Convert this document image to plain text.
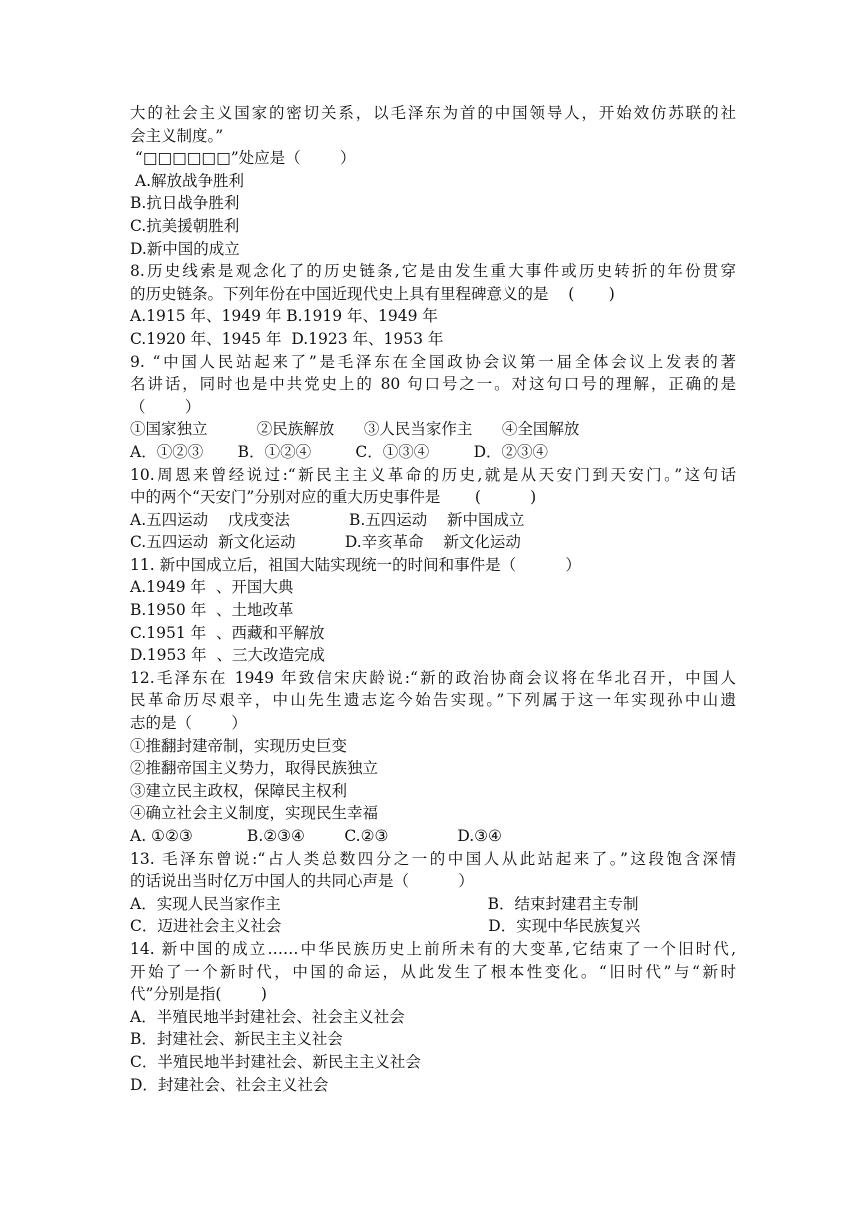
大的社会主义国家的密切关系，以毛泽东为首的中国领导人，开始效仿苏联的社
会主义制度。”
“□□□□□□”处应是（        ）
A.解放战争胜利
B.抗日战争胜利
C.抗美援朝胜利
D.新中国的成立
8.历史线索是观念化了的历史链条,它是由发生重大事件或历史转折的年份贯穿
的历史链条。下列年份在中国近现代史上具有里程碑意义的是    (       )
A.1915 年、1949 年 B.1919 年、1949 年
C.1920 年、1945 年  D.1923 年、1953 年
9. “中国人民站起来了”是毛泽东在全国政协会议第一届全体会议上发表的著
名讲话，同时也是中共党史上的 80 句口号之一。对这句口号的理解，正确的是
（        ）
①国家独立          ②民族解放      ③人民当家作主      ④全国解放
A．①②③       B．①②④         C．①③④         D．②③④
10.周恩来曾经说过:“新民主主义革命的历史,就是从天安门到天安门。”这句话
中的两个“天安门”分别对应的重大历史事件是       (          )
A.五四运动    戊戌变法            B.五四运动    新中国成立
C.五四运动  新文化运动          D.辛亥革命    新文化运动
11. 新中国成立后，祖国大陆实现统一的时间和事件是（          ）
A.1949 年  、开国大典
B.1950 年  、土地改革
C.1951 年  、西藏和平解放
D.1953 年  、三大改造完成
12.毛泽东在 1949 年致信宋庆龄说:“新的政治协商会议将在华北召开，中国人
民革命历尽艰辛，中山先生遗志迄今始告实现。”下列属于这一年实现孙中山遗
志的是（        ）
①推翻封建帝制，实现历史巨变
②推翻帝国主义势力，取得民族独立
③建立民主政权，保障民主权利
④确立社会主义制度，实现民生幸福
A. ①②③           B.②③④        C.②③              D.③④
13. 毛泽东曾说:“占人类总数四分之一的中国人从此站起来了。”这段饱含深情
的话说出当时亿万中国人的共同心声是（          ）
A．实现人民当家作主                                          B．结束封建君主专制
C．迈进社会主义社会                                          D．实现中华民族复兴
14. 新中国的成立……中华民族历史上前所未有的大变革,它结束了一个旧时代,
开始了一个新时代，中国的命运，从此发生了根本性变化。“旧时代”与“新时
代”分别是指(        )
A．半殖民地半封建社会、社会主义社会
B．封建社会、新民主主义社会
C．半殖民地半封建社会、新民主主义社会
D．封建社会、社会主义社会
